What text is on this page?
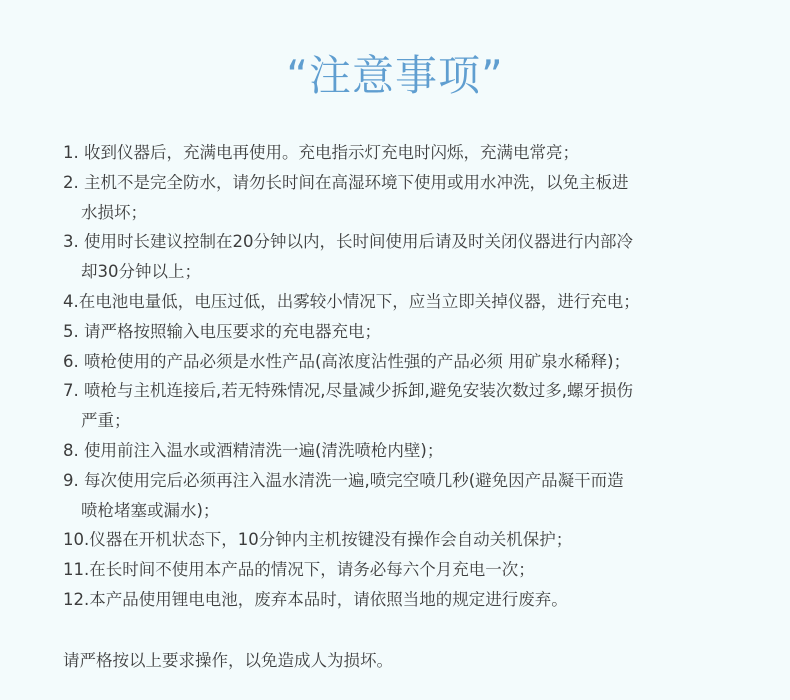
“注意事项”
1. 收到仪器后，充满电再使用。充电指示灯充电时闪烁，充满电常亮；
2. 主机不是完全防水，请勿长时间在高湿环境下使用或用水冲洗，以免主板进
水损坏；
3. 使用时长建议控制在20分钟以内，长时间使用后请及时关闭仪器进行内部冷
却30分钟以上；
4.在电池电量低，电压过低，出雾较小情况下，应当立即关掉仪器，进行充电；
5. 请严格按照输入电压要求的充电器充电；
6. 喷枪使用的产品必须是水性产品(高浓度沾性强的产品必须 用矿泉水稀释)；
7. 喷枪与主机连接后,若无特殊情况,尽量减少拆卸,避免安装次数过多,螺牙损伤
严重；
8. 使用前注入温水或酒精清洗一遍(清洗喷枪内壁)；
9. 每次使用完后必须再注入温水清洗一遍,喷完空喷几秒(避免因产品凝干而造
喷枪堵塞或漏水)；
10.仪器在开机状态下，10分钟内主机按键没有操作会自动关机保护；
11.在长时间不使用本产品的情况下，请务必每六个月充电一次；
12.本产品使用锂电电池，废弃本品时，请依照当地的规定进行废弃。

请严格按以上要求操作，以免造成人为损坏。
